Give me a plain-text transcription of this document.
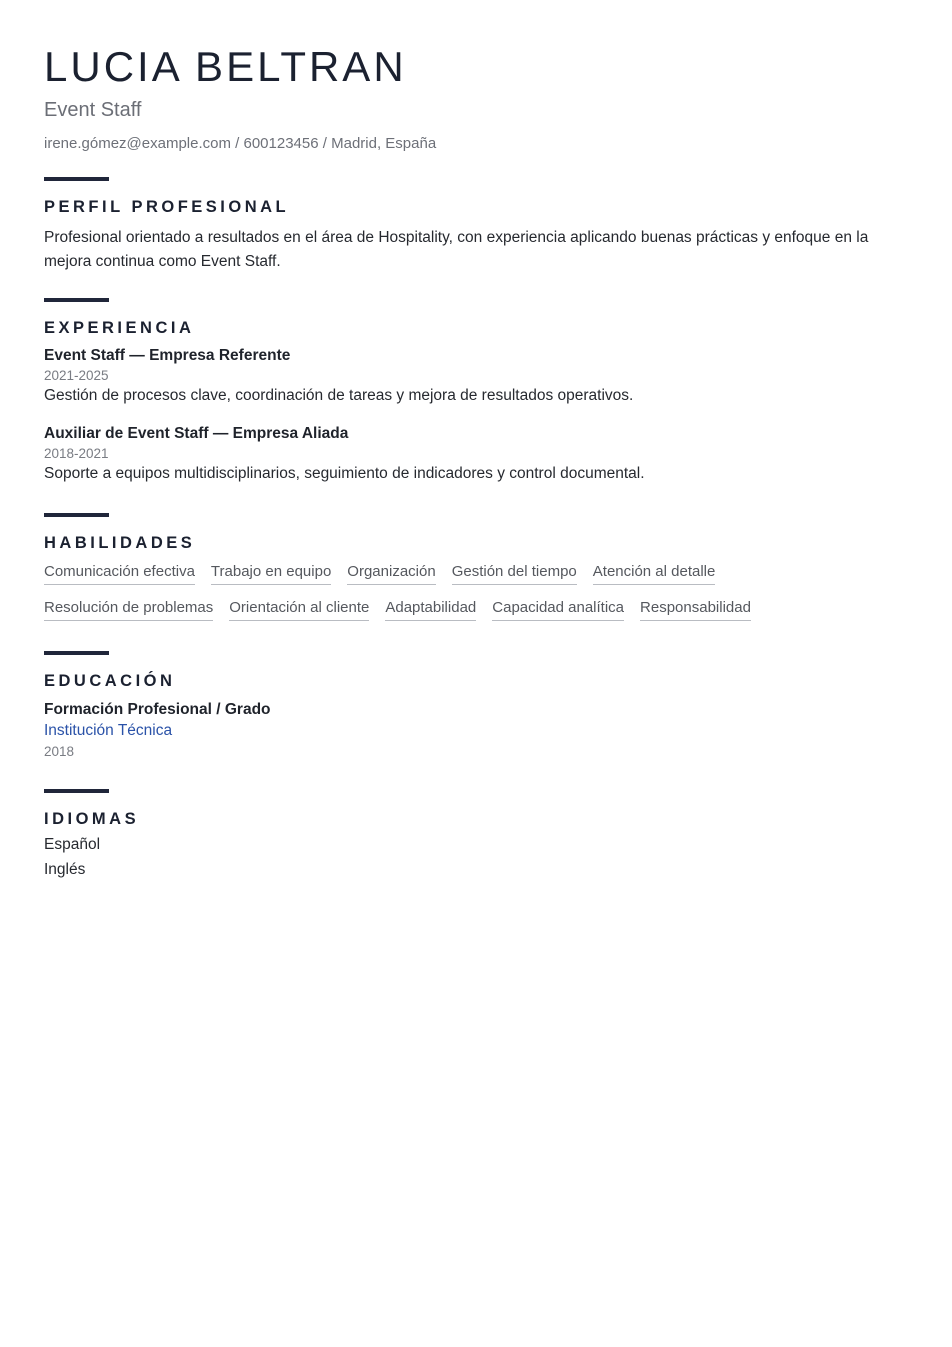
LUCIA BELTRAN
Event Staff
irene.gómez@example.com / 600123456 / Madrid, España
PERFIL PROFESIONAL

Profesional orientado a resultados en el área de Hospitality, con experiencia aplicando buenas prácticas y enfoque en la mejora continua como Event Staff.

EXPERIENCIA
Event Staff — Empresa Referente
2021-2025
Gestión de procesos clave, coordinación de tareas y mejora de resultados operativos.
Auxiliar de Event Staff — Empresa Aliada
2018-2021
Soporte a equipos multidisciplinarios, seguimiento de indicadores y control documental.
HABILIDADES
Comunicación efectiva Trabajo en equipo Organización Gestión del tiempo Atención al detalle
Resolución de problemas Orientación al cliente Adaptabilidad Capacidad analítica Responsabilidad
EDUCACIÓN
Formación Profesional / Grado
Institución Técnica
2018
IDIOMAS
Español
Inglés
